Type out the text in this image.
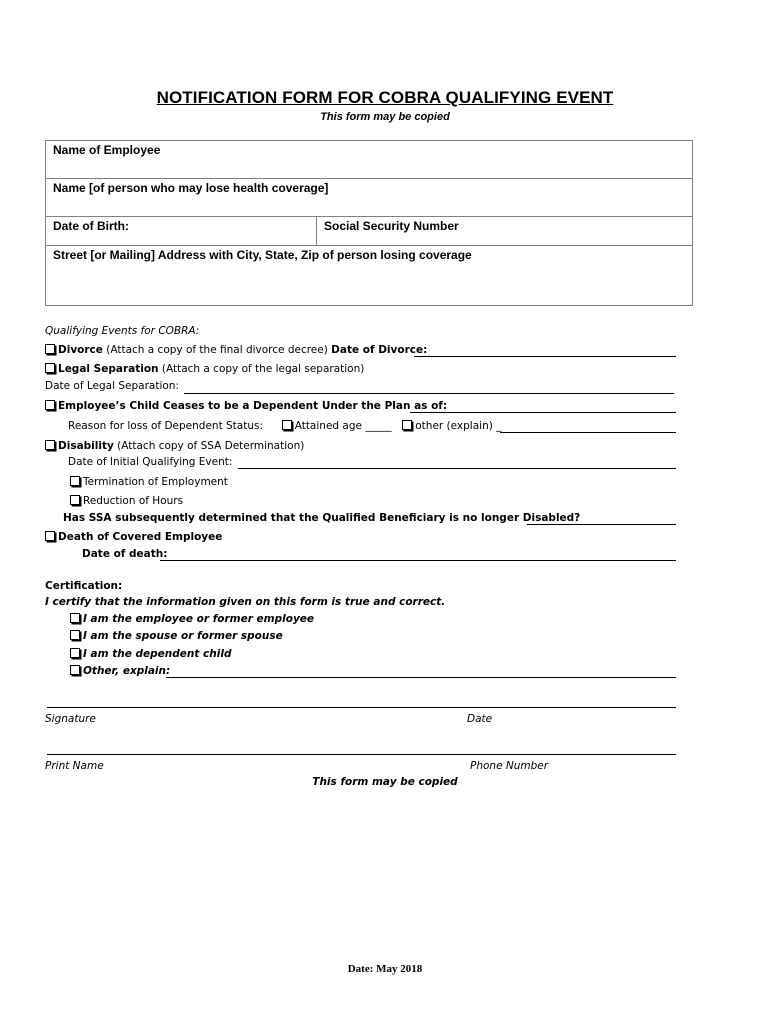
NOTIFICATION FORM FOR COBRA QUALIFYING EVENT
This form may be copied
Name of Employee
Name [of person who may lose health coverage]
Date of Birth:	Social Security Number
Street [or Mailing] Address with City, State, Zip of person losing coverage
Qualifying Events for COBRA:
Divorce (Attach a copy of the final divorce decree) Date of Divorce:
Legal Separation (Attach a copy of the legal separation)
Date of Legal Separation:
Employee’s Child Ceases to be a Dependent Under the Plan as of:
Reason for loss of Dependent Status:	Attained age _____ other (explain) _
Disability (Attach copy of SSA Determination)
Date of Initial Qualifying Event:
Termination of Employment
Reduction of Hours
Has SSA subsequently determined that the Qualified Beneficiary is no longer Disabled?
Death of Covered Employee
Date of death:
Certification:
I certify that the information given on this form is true and correct.
I am the employee or former employee
I am the spouse or former spouse
I am the dependent child
Other, explain:
Signature	Date
Print Name	Phone Number
This form may be copied
Date: May 2018
